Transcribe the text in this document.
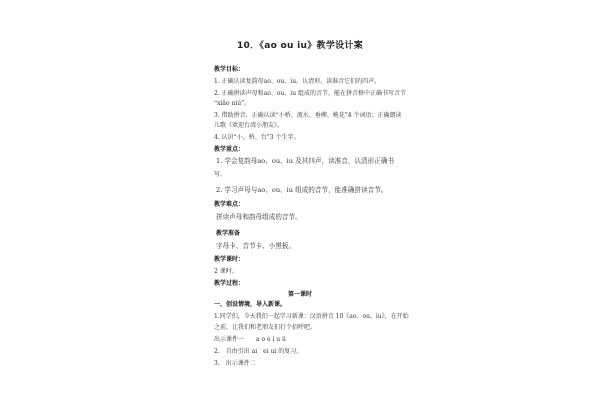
10．《ao ou iu》教学设计案
教学目标：
1. 正确认读复韵母ao、ou、iu，认清形，读准音它们的四声。
2. 正确拼读声母和ao、ou、iu 组成的音节，能在拼音格中正确书写音节
“xiǎo niú”。
3. 借助拼音，正确认读“小桥、流水、垂柳、桃花”4 个词语；正确朗读
儿歌《欢迎台湾小朋友》。
4. 认识“小、桥、台”3 个生字。
教学重点：
1. 学会复韵母ao、ou、iu 及其四声，读准音，认清形正确书
写。
2. 学习声母与ao、ou、iu 组成的音节，能准确拼读音节。
教学难点：
拼读声母和韵母组成的音节。
教学准备
字母卡、音节卡、小黑板。
教学课时：
2 课时。
教学过程：
第一课时
一、创设情境，导入新课。
1.同学们，今天我们一起学习新课：汉语拼音 10《ao、ou、iu》，在开始
之前，让我们和老朋友们打个招呼吧。
出示课件一　　a o e i u ü
2.　自由引出 ai　ei ui 的复习。
3.　出示课件二
